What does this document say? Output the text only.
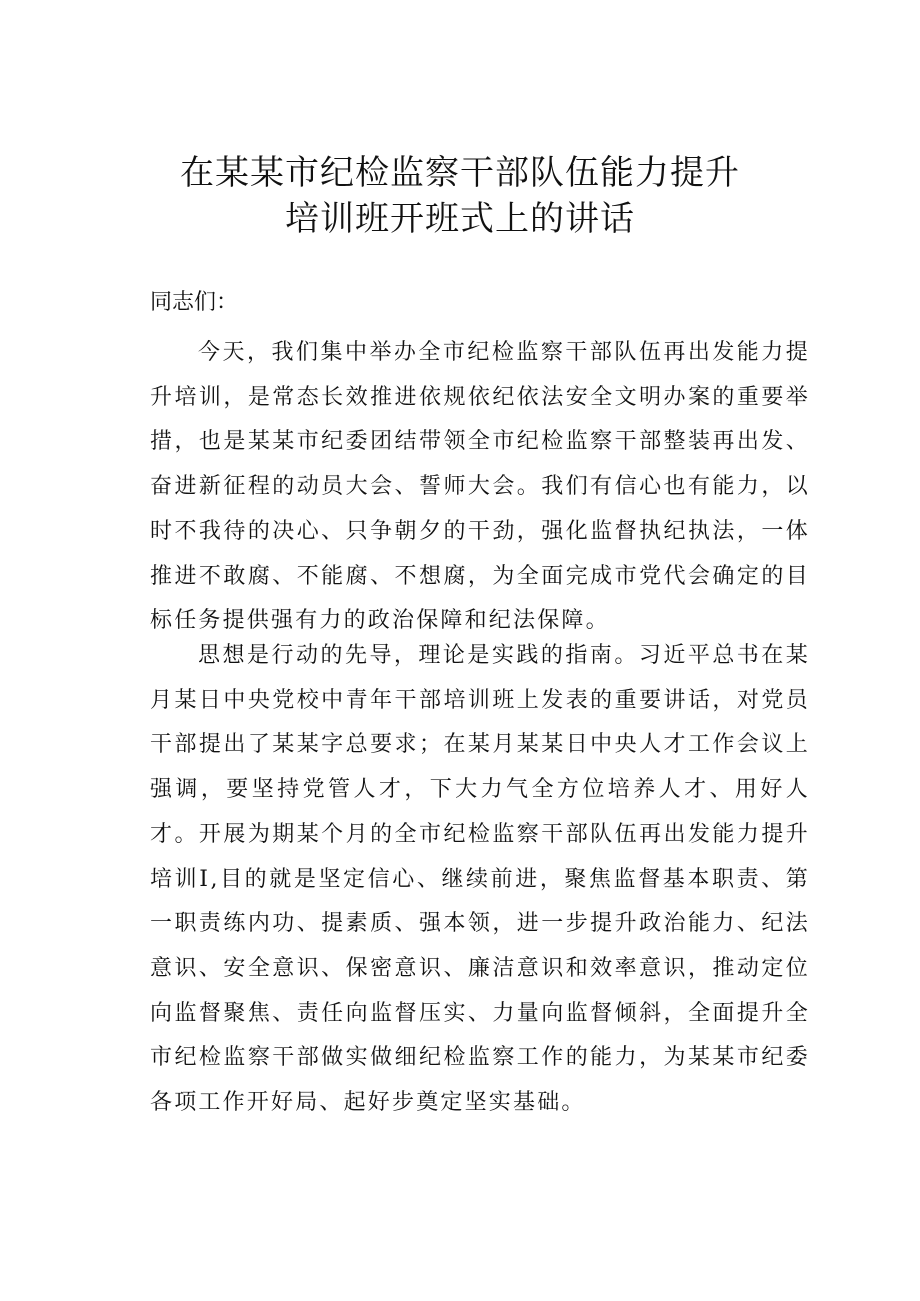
在某某市纪检监察干部队伍能力提升
培训班开班式上的讲话

同志们：

今天，我们集中举办全市纪检监察干部队伍再出发能力提升培训，是常态长效推进依规依纪依法安全文明办案的重要举措，也是某某市纪委团结带领全市纪检监察干部整装再出发、奋进新征程的动员大会、誓师大会。我们有信心也有能力，以时不我待的决心、只争朝夕的干劲，强化监督执纪执法，一体推进不敢腐、不能腐、不想腐，为全面完成市党代会确定的目标任务提供强有力的政治保障和纪法保障。

思想是行动的先导，理论是实践的指南。习近平总书在某月某日中央党校中青年干部培训班上发表的重要讲话，对党员干部提出了某某字总要求；在某月某某日中央人才工作会议上强调，要坚持党管人才，下大力气全方位培养人才、用好人才。开展为期某个月的全市纪检监察干部队伍再出发能力提升培训Ⅰ,目的就是坚定信心、继续前进，聚焦监督基本职责、第一职责练内功、提素质、强本领，进一步提升政治能力、纪法意识、安全意识、保密意识、廉洁意识和效率意识，推动定位向监督聚焦、责任向监督压实、力量向监督倾斜，全面提升全市纪检监察干部做实做细纪检监察工作的能力，为某某市纪委各项工作开好局、起好步奠定坚实基础。
